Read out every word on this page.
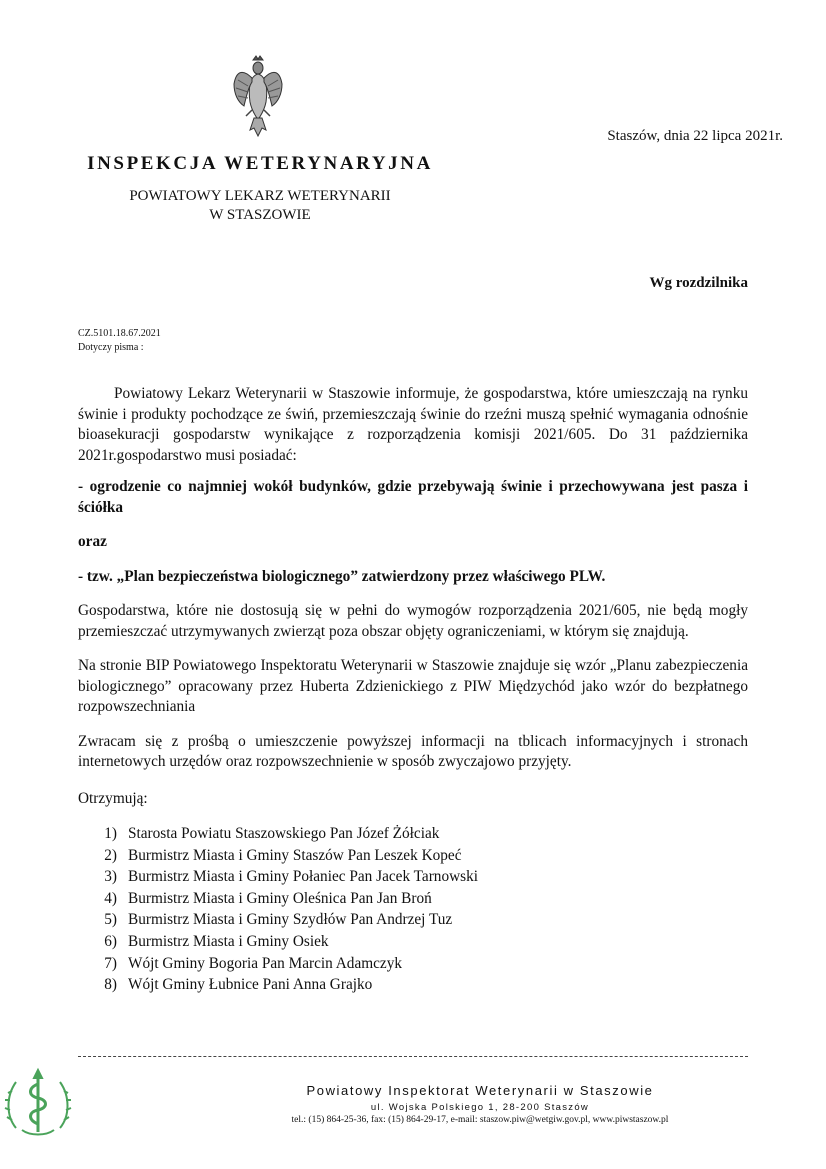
Staszów, dnia 22 lipca 2021r.
INSPEKCJA WETERYNARYJNA
POWIATOWY LEKARZ WETERYNARII
W STASZOWIE
Wg rozdzilnika
CZ.5101.18.67.2021
Dotyczy pisma :

Powiatowy Lekarz Weterynarii w Staszowie informuje, że gospodarstwa, które umieszczają na rynku świnie i produkty pochodzące ze świń, przemieszczają świnie do rzeźni muszą spełnić wymagania odnośnie bioasekuracji gospodarstw wynikające z rozporządzenia komisji 2021/605. Do 31 października 2021r.gospodarstwo musi posiadać:

- ogrodzenie co najmniej wokół budynków, gdzie przebywają świnie i przechowywana jest pasza i ściółka

oraz

- tzw. „Plan bezpieczeństwa biologicznego” zatwierdzony przez właściwego PLW.

Gospodarstwa, które nie dostosują się w pełni do wymogów rozporządzenia 2021/605, nie będą mogły przemieszczać utrzymywanych zwierząt poza obszar objęty ograniczeniami, w którym się znajdują.

Na stronie BIP Powiatowego Inspektoratu Weterynarii w Staszowie znajduje się wzór „Planu zabezpieczenia biologicznego” opracowany przez Huberta Zdzienickiego z PIW Międzychód jako wzór do bezpłatnego rozpowszechniania

Zwracam się z prośbą o umieszczenie powyższej informacji na tblicach informacyjnych i stronach internetowych urzędów oraz rozpowszechnienie w sposób zwyczajowo przyjęty.

Otrzymują:

1) Starosta Powiatu Staszowskiego Pan Józef Żółciak
2) Burmistrz Miasta i Gminy Staszów Pan Leszek Kopeć
3) Burmistrz Miasta i Gminy Połaniec Pan Jacek Tarnowski
4) Burmistrz Miasta i Gminy Oleśnica Pan Jan Broń
5) Burmistrz Miasta i Gminy Szydłów Pan Andrzej Tuz
6) Burmistrz Miasta i Gminy Osiek
7) Wójt Gminy Bogoria Pan Marcin Adamczyk
8) Wójt Gminy Łubnice Pani Anna Grajko
Powiatowy Inspektorat Weterynarii w Staszowie
ul. Wojska Polskiego 1, 28-200 Staszów
tel.: (15) 864-25-36, fax: (15) 864-29-17, e-mail: staszow.piw@wetgiw.gov.pl, www.piwstaszow.pl
